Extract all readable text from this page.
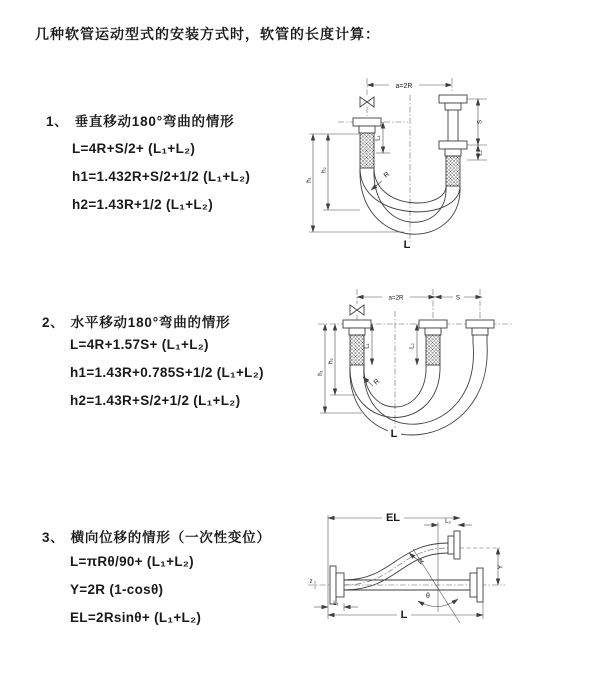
几种软管运动型式的安装方式时，软管的长度计算：
1、 垂直移动180°弯曲的情形
L=4R+S/2+ (L₁+L₂)
h1=1.432R+S/2+1/2 (L₁+L₂)
h2=1.43R+1/2 (L₁+L₂)
a=2R
h₁
h₂
L₁
S
L₂
R
L
2、 水平移动180°弯曲的情形
L=4R+1.57S+ (L₁+L₂)
h1=1.43R+0.785S+1/2 (L₁+L₂)
h2=1.43R+S/2+1/2 (L₁+L₂)
a=2R	S
h₁
h₂
L₁	L₂
R
L
3、 横向位移的情形（一次性变位）
L=πRθ/90+ (L₁+L₂)
Y=2R (1-cosθ)
EL=2Rsinθ+ (L₁+L₂)
EL	L₂
Y
R
θ
z
L₁
L
